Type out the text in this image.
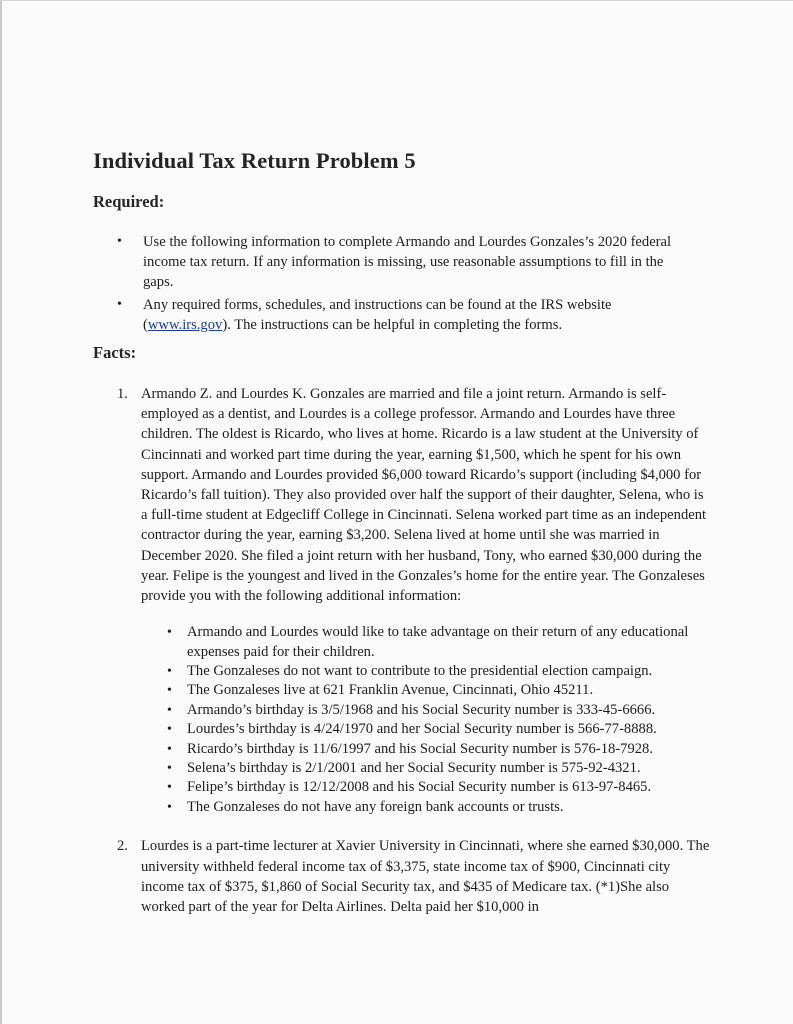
Individual Tax Return Problem 5
Required:
• Use the following information to complete Armando and Lourdes Gonzales’s 2020 federal income tax return. If any information is missing, use reasonable assumptions to fill in the gaps.
• Any required forms, schedules, and instructions can be found at the IRS website (www.irs.gov). The instructions can be helpful in completing the forms.
Facts:
1. Armando Z. and Lourdes K. Gonzales are married and file a joint return. Armando is self-employed as a dentist, and Lourdes is a college professor. Armando and Lourdes have three children. The oldest is Ricardo, who lives at home. Ricardo is a law student at the University of Cincinnati and worked part time during the year, earning $1,500, which he spent for his own support. Armando and Lourdes provided $6,000 toward Ricardo’s support (including $4,000 for Ricardo’s fall tuition). They also provided over half the support of their daughter, Selena, who is a full-time student at Edgecliff College in Cincinnati. Selena worked part time as an independent contractor during the year, earning $3,200. Selena lived at home until she was married in December 2020. She filed a joint return with her husband, Tony, who earned $30,000 during the year. Felipe is the youngest and lived in the Gonzales’s home for the entire year. The Gonzaleses provide you with the following additional information:
• Armando and Lourdes would like to take advantage on their return of any educational expenses paid for their children.
• The Gonzaleses do not want to contribute to the presidential election campaign.
• The Gonzaleses live at 621 Franklin Avenue, Cincinnati, Ohio 45211.
• Armando’s birthday is 3/5/1968 and his Social Security number is 333-45-6666.
• Lourdes’s birthday is 4/24/1970 and her Social Security number is 566-77-8888.
• Ricardo’s birthday is 11/6/1997 and his Social Security number is 576-18-7928.
• Selena’s birthday is 2/1/2001 and her Social Security number is 575-92-4321.
• Felipe’s birthday is 12/12/2008 and his Social Security number is 613-97-8465.
• The Gonzaleses do not have any foreign bank accounts or trusts.
2. Lourdes is a part-time lecturer at Xavier University in Cincinnati, where she earned $30,000. The university withheld federal income tax of $3,375, state income tax of $900, Cincinnati city income tax of $375, $1,860 of Social Security tax, and $435 of Medicare tax. (*1)She also worked part of the year for Delta Airlines. Delta paid her $10,000 in
